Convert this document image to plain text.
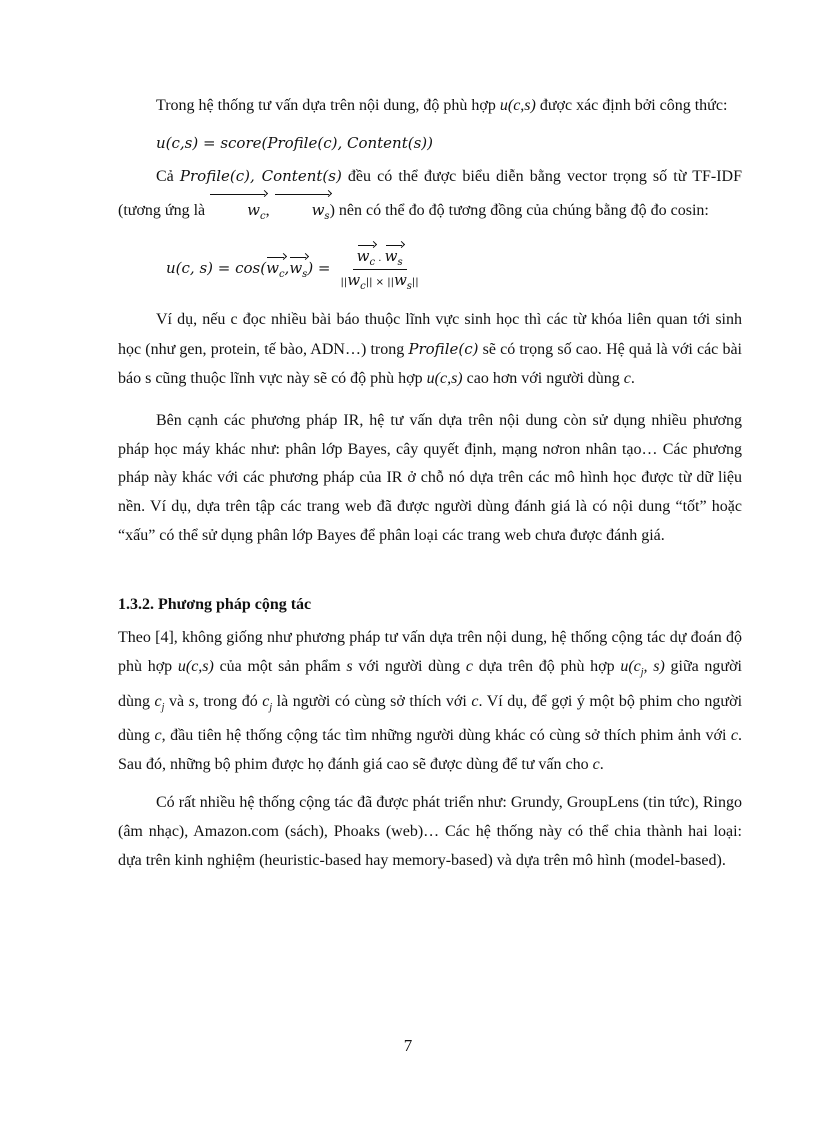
Trong hệ thống tư vấn dựa trên nội dung, độ phù hợp u(c,s) được xác định bởi công thức:

u(c,s) = score(Profile(c), Content(s))

Cả Profile(c), Content(s) đều có thể được biểu diễn bằng vector trọng số từ TF-IDF (tương ứng là	$w_c$,	$w_s$) nên có thể đo độ tương đồng của chúng bằng độ đo cosin:

u(c, s) = cos( $w_c$ , $w_s$ ) = $\frac{w_c . w_s}{||w_c|| \times ||w_s||}$

Ví dụ, nếu c đọc nhiều bài báo thuộc lĩnh vực sinh học thì các từ khóa liên quan tới sinh học (như gen, protein, tế bào, ADN…) trong Profile(c) sẽ có trọng số cao. Hệ quả là với các bài báo s cũng thuộc lĩnh vực này sẽ có độ phù hợp u(c,s) cao hơn với người dùng c.

Bên cạnh các phương pháp IR, hệ tư vấn dựa trên nội dung còn sử dụng nhiều phương pháp học máy khác như: phân lớp Bayes, cây quyết định, mạng nơron nhân tạo… Các phương pháp này khác với các phương pháp của IR ở chỗ nó dựa trên các mô hình học được từ dữ liệu nền. Ví dụ, dựa trên tập các trang web đã được người dùng đánh giá là có nội dung “tốt” hoặc “xấu” có thể sử dụng phân lớp Bayes để phân loại các trang web chưa được đánh giá.

1.3.2. Phương pháp cộng tác

Theo [4], không giống như phương pháp tư vấn dựa trên nội dung, hệ thống cộng tác dự đoán độ phù hợp u(c,s) của một sản phẩm s với người dùng c dựa trên độ phù hợp $u(c_j$, s) giữa người dùng $c_j$ và s, trong đó $c_j$ là người có cùng sở thích với c. Ví dụ, để gợi ý một bộ phim cho người dùng c, đầu tiên hệ thống cộng tác tìm những người dùng khác có cùng sở thích phim ảnh với c. Sau đó, những bộ phim được họ đánh giá cao sẽ được dùng để tư vấn cho c.

Có rất nhiều hệ thống cộng tác đã được phát triển như: Grundy, GroupLens (tin tức), Ringo (âm nhạc), Amazon.com (sách), Phoaks (web)… Các hệ thống này có thể chia thành hai loại: dựa trên kinh nghiệm (heuristic-based hay memory-based) và dựa trên mô hình (model-based).

7
